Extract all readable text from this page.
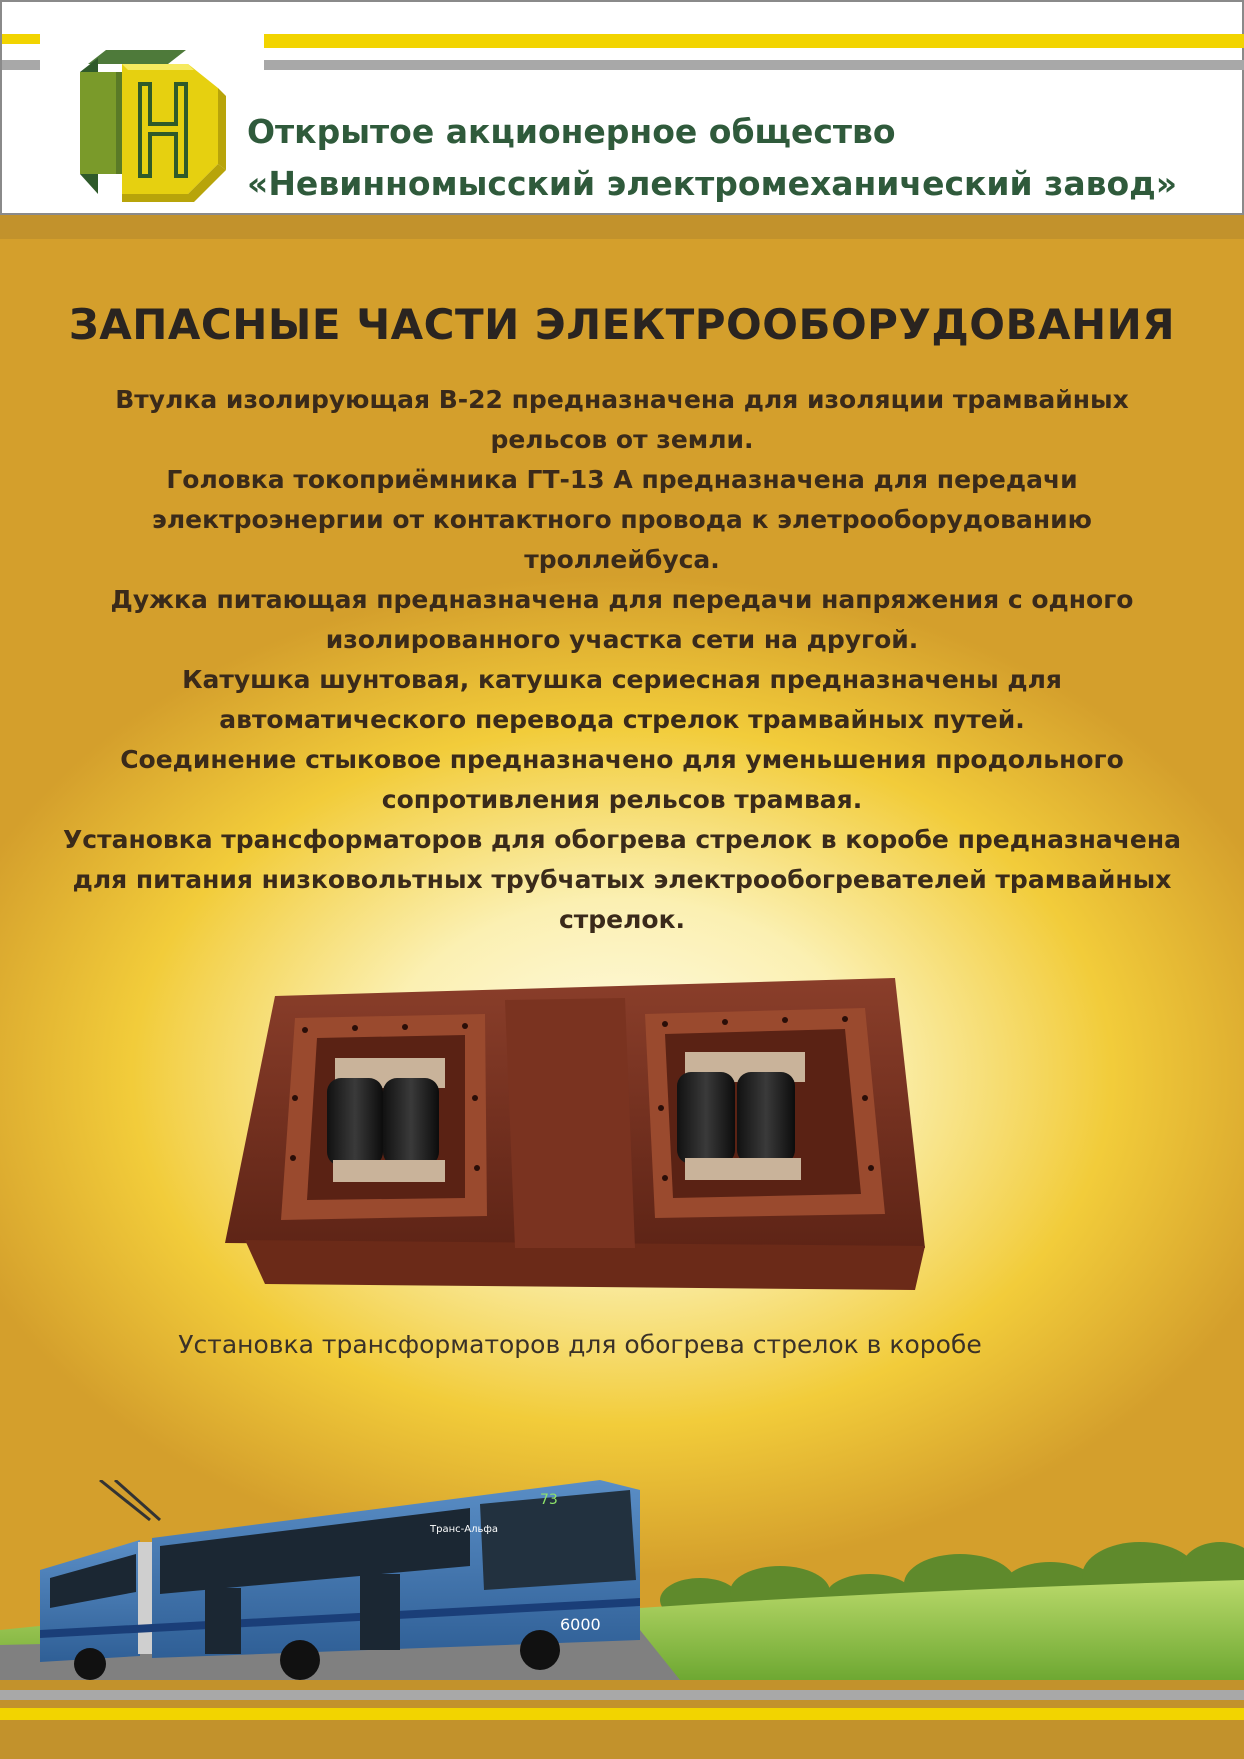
Открытое акционерное общество
«Невинномысский электромеханический завод»
ЗАПАСНЫЕ ЧАСТИ ЭЛЕКТРООБОРУДОВАНИЯ
Втулка изолирующая В-22 предназначена для изоляции трамвайных
рельсов от земли.
Головка токоприёмника ГТ-13 А предназначена для передачи
электроэнергии от контактного провода к элетрооборудованию
троллейбуса.
Дужка питающая предназначена для передачи напряжения с одного
изолированного участка сети на другой.
Катушка шунтовая, катушка сериесная предназначены для
автоматического перевода стрелок трамвайных путей.
Соединение стыковое предназначено для уменьшения продольного
сопротивления рельсов трамвая.
Установка трансформаторов для обогрева стрелок в коробе предназначена
для питания низковольтных трубчатых электрообогревателей трамвайных
стрелок.
Установка трансформаторов для обогрева стрелок в коробе
73
6000
Транс-Альфа
